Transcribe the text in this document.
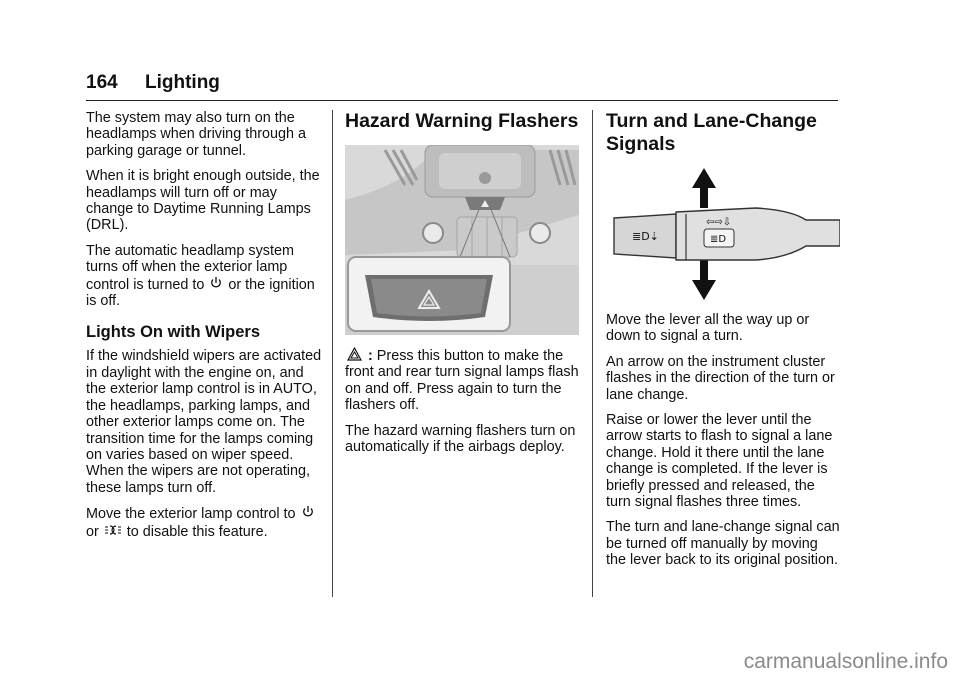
164 Lighting

The system may also turn on the headlamps when driving through a parking garage or tunnel.

When it is bright enough outside, the headlamps will turn off or may change to Daytime Running Lamps (DRL).

The automatic headlamp system turns off when the exterior lamp control is turned to or the ignition is off.

Lights On with Wipers

If the windshield wipers are activated in daylight with the engine on, and the exterior lamp control is in AUTO, the headlamps, parking lamps, and other exterior lamps come on. The transition time for the lamps coming on varies based on wiper speed. When the wipers are not operating, these lamps turn off.

Move the exterior lamp control to
or to disable this feature.

Hazard Warning Flashers

: Press this button to make the front and rear turn signal lamps flash on and off. Press again to turn the flashers off.

The hazard warning flashers turn on automatically if the airbags deploy.

Turn and Lane-Change Signals
≣D⇣
⇦⇨⇩
≣D

Move the lever all the way up or down to signal a turn.

An arrow on the instrument cluster flashes in the direction of the turn or lane change.

Raise or lower the lever until the arrow starts to flash to signal a lane change. Hold it there until the lane change is completed. If the lever is briefly pressed and released, the turn signal flashes three times.

The turn and lane-change signal can be turned off manually by moving the lever back to its original position.

carmanualsonline.info
